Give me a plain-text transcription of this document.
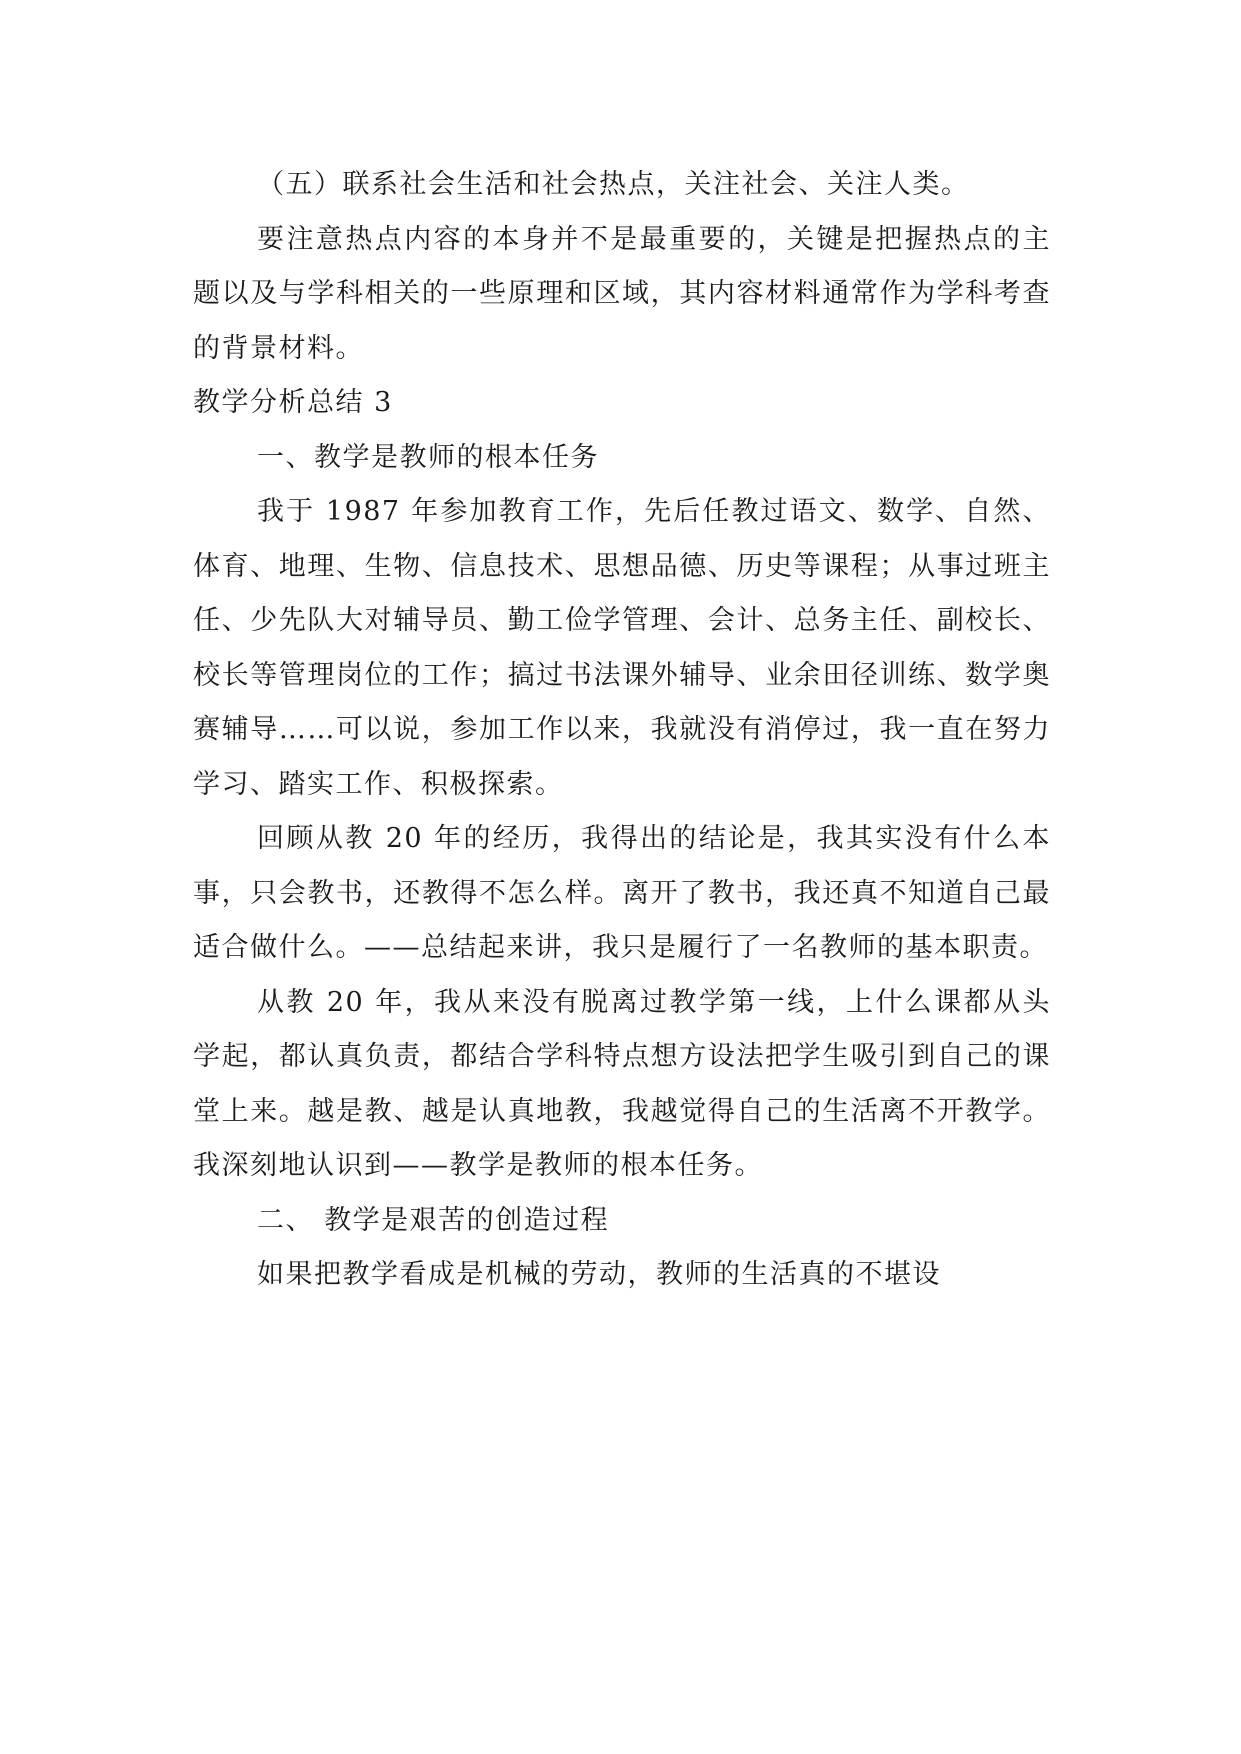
（五）联系社会生活和社会热点，关注社会、关注人类。

要注意热点内容的本身并不是最重要的，关键是把握热点的主题以及与学科相关的一些原理和区域，其内容材料通常作为学科考查的背景材料。

教学分析总结 3

一、教学是教师的根本任务

我于 1987 年参加教育工作，先后任教过语文、数学、自然、体育、地理、生物、信息技术、思想品德、历史等课程；从事过班主任、少先队大对辅导员、勤工俭学管理、会计、总务主任、副校长、校长等管理岗位的工作；搞过书法课外辅导、业余田径训练、数学奥赛辅导……可以说，参加工作以来，我就没有消停过，我一直在努力学习、踏实工作、积极探索。

回顾从教 20 年的经历，我得出的结论是，我其实没有什么本事，只会教书，还教得不怎么样。离开了教书，我还真不知道自己最适合做什么。——总结起来讲，我只是履行了一名教师的基本职责。

从教 20 年，我从来没有脱离过教学第一线，上什么课都从头学起，都认真负责，都结合学科特点想方设法把学生吸引到自己的课堂上来。越是教、越是认真地教，我越觉得自己的生活离不开教学。我深刻地认识到——教学是教师的根本任务。

二、 教学是艰苦的创造过程

如果把教学看成是机械的劳动，教师的生活真的不堪设
